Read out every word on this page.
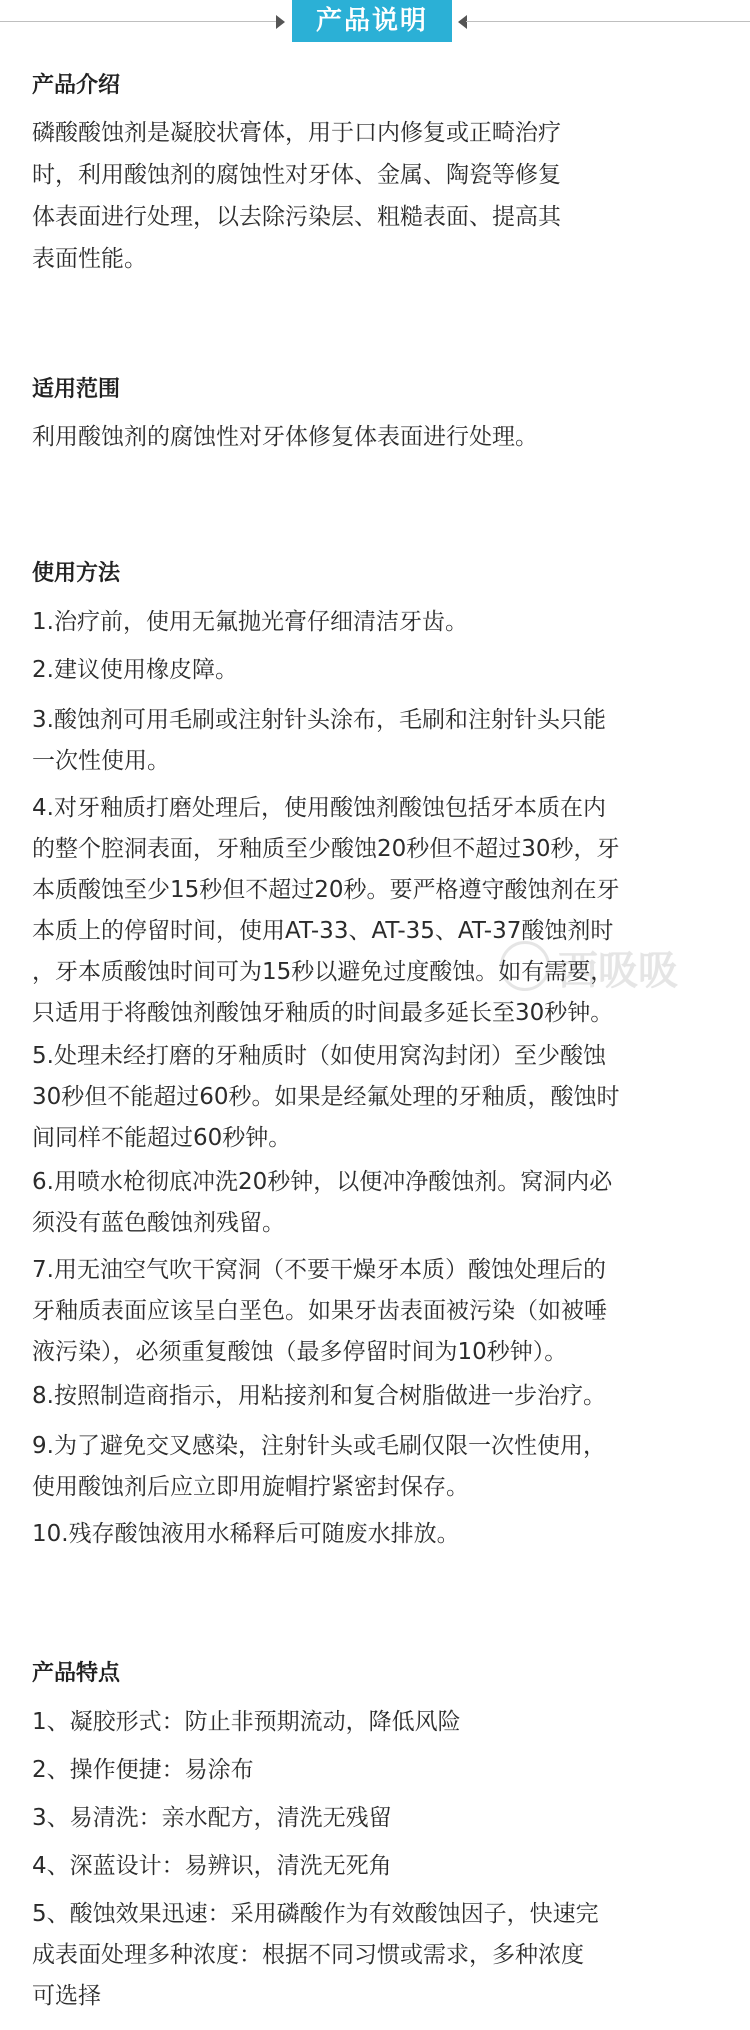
产品说明
产品介绍
磷酸酸蚀剂是凝胶状膏体，用于口内修复或正畸治疗
时，利用酸蚀剂的腐蚀性对牙体、金属、陶瓷等修复
体表面进行处理，以去除污染层、粗糙表面、提高其
表面性能。
适用范围
利用酸蚀剂的腐蚀性对牙体修复体表面进行处理。
使用方法
1.治疗前，使用无氟抛光膏仔细清洁牙齿。
2.建议使用橡皮障。
3.酸蚀剂可用毛刷或注射针头涂布，毛刷和注射针头只能
一次性使用。
4.对牙釉质打磨处理后，使用酸蚀剂酸蚀包括牙本质在内
的整个腔洞表面，牙釉质至少酸蚀20秒但不超过30秒，牙
本质酸蚀至少15秒但不超过20秒。要严格遵守酸蚀剂在牙
本质上的停留时间，使用AT-33、AT-35、AT-37酸蚀剂时
，牙本质酸蚀时间可为15秒以避免过度酸蚀。如有需要，
只适用于将酸蚀剂酸蚀牙釉质的时间最多延长至30秒钟。
5.处理未经打磨的牙釉质时（如使用窝沟封闭）至少酸蚀
30秒但不能超过60秒。如果是经氟处理的牙釉质，酸蚀时
间同样不能超过60秒钟。
6.用喷水枪彻底冲洗20秒钟，以便冲净酸蚀剂。窝洞内必
须没有蓝色酸蚀剂残留。
7.用无油空气吹干窝洞（不要干燥牙本质）酸蚀处理后的
牙釉质表面应该呈白垩色。如果牙齿表面被污染（如被唾
液污染），必须重复酸蚀（最多停留时间为10秒钟）。
8.按照制造商指示，用粘接剂和复合树脂做进一步治疗。
9.为了避免交叉感染，注射针头或毛刷仅限一次性使用，
使用酸蚀剂后应立即用旋帽拧紧密封保存。
10.残存酸蚀液用水稀释后可随废水排放。
产品特点
1、凝胶形式：防止非预期流动，降低风险
2、操作便捷：易涂布
3、易清洗：亲水配方，清洗无残留
4、深蓝设计：易辨识，清洗无死角
5、酸蚀效果迅速：采用磷酸作为有效酸蚀因子，快速完
成表面处理多种浓度：根据不同习惯或需求，多种浓度
可选择
西吸吸
